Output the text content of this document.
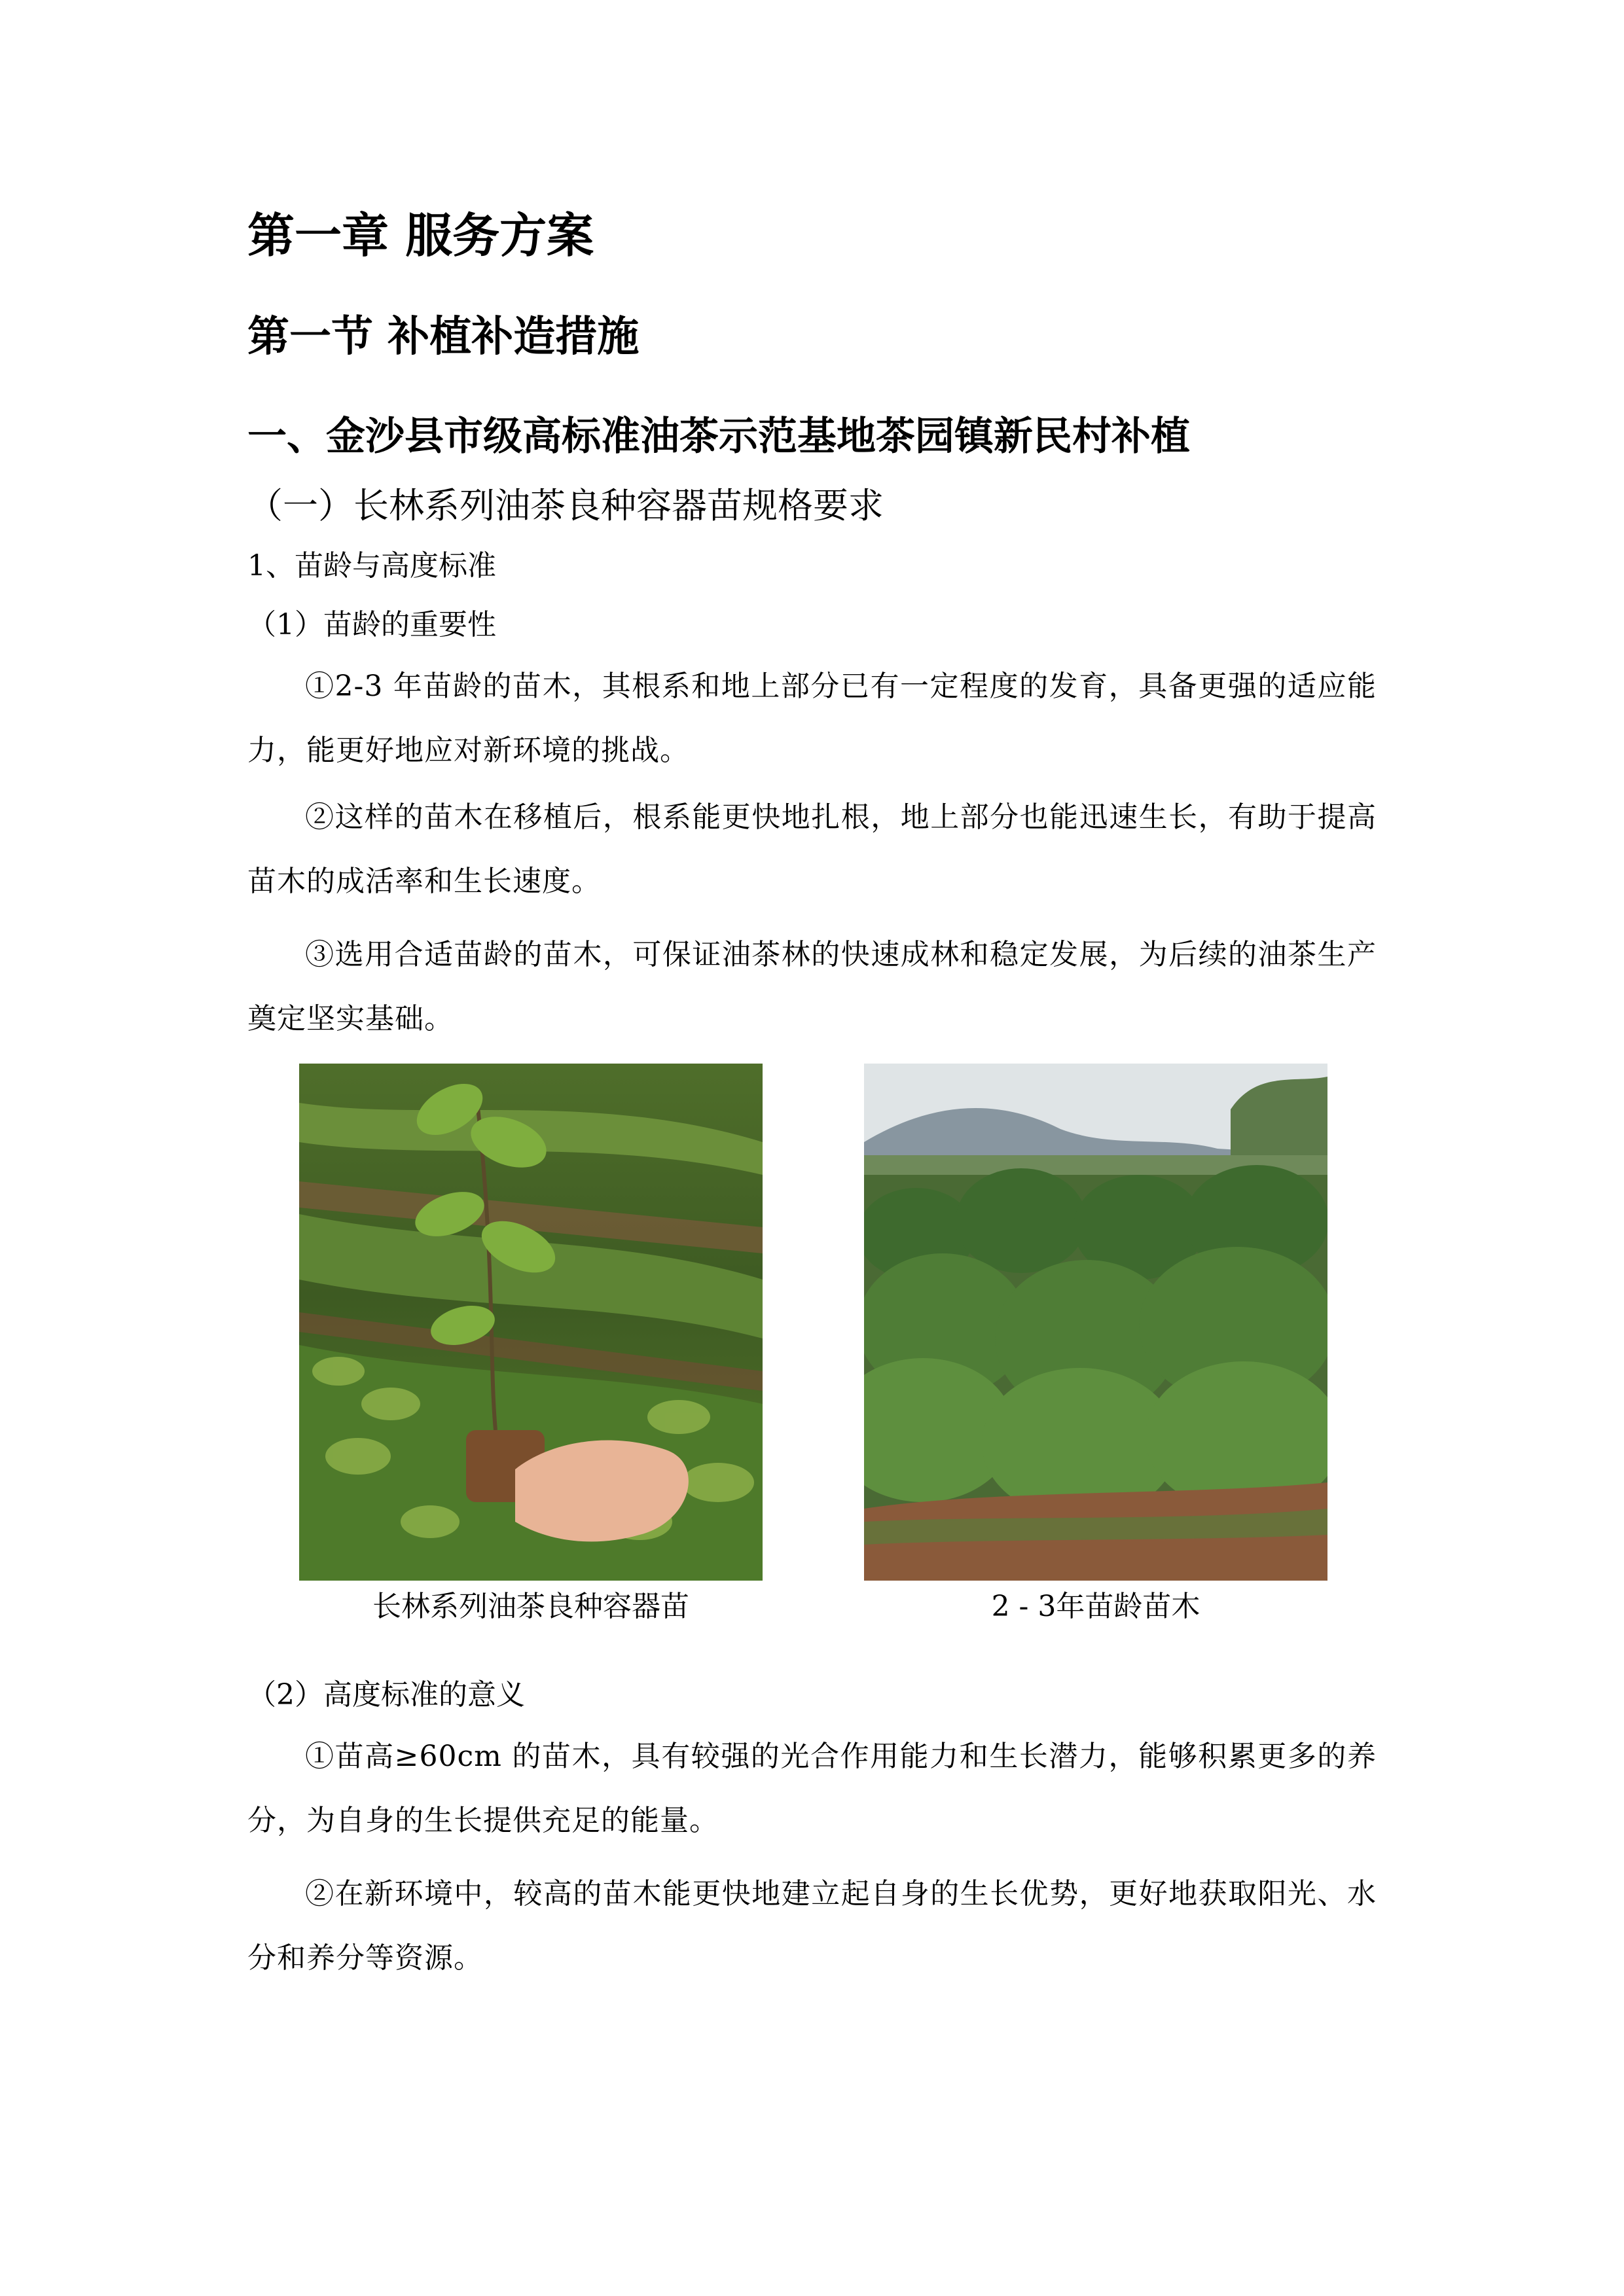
第一章 服务方案
第一节 补植补造措施
一、金沙县市级高标准油茶示范基地茶园镇新民村补植
（一）长林系列油茶良种容器苗规格要求
1、苗龄与高度标准
（1）苗龄的重要性
①2-3 年苗龄的苗木，其根系和地上部分已有一定程度的发育，具备更强的适应能力，能更好地应对新环境的挑战。
②这样的苗木在移植后，根系能更快地扎根，地上部分也能迅速生长，有助于提高苗木的成活率和生长速度。
③选用合适苗龄的苗木，可保证油茶林的快速成林和稳定发展，为后续的油茶生产奠定坚实基础。
长林系列油茶良种容器苗	2 - 3年苗龄苗木
（2）高度标准的意义
①苗高≥60cm 的苗木，具有较强的光合作用能力和生长潜力，能够积累更多的养分，为自身的生长提供充足的能量。
②在新环境中，较高的苗木能更快地建立起自身的生长优势，更好地获取阳光、水分和养分等资源。
